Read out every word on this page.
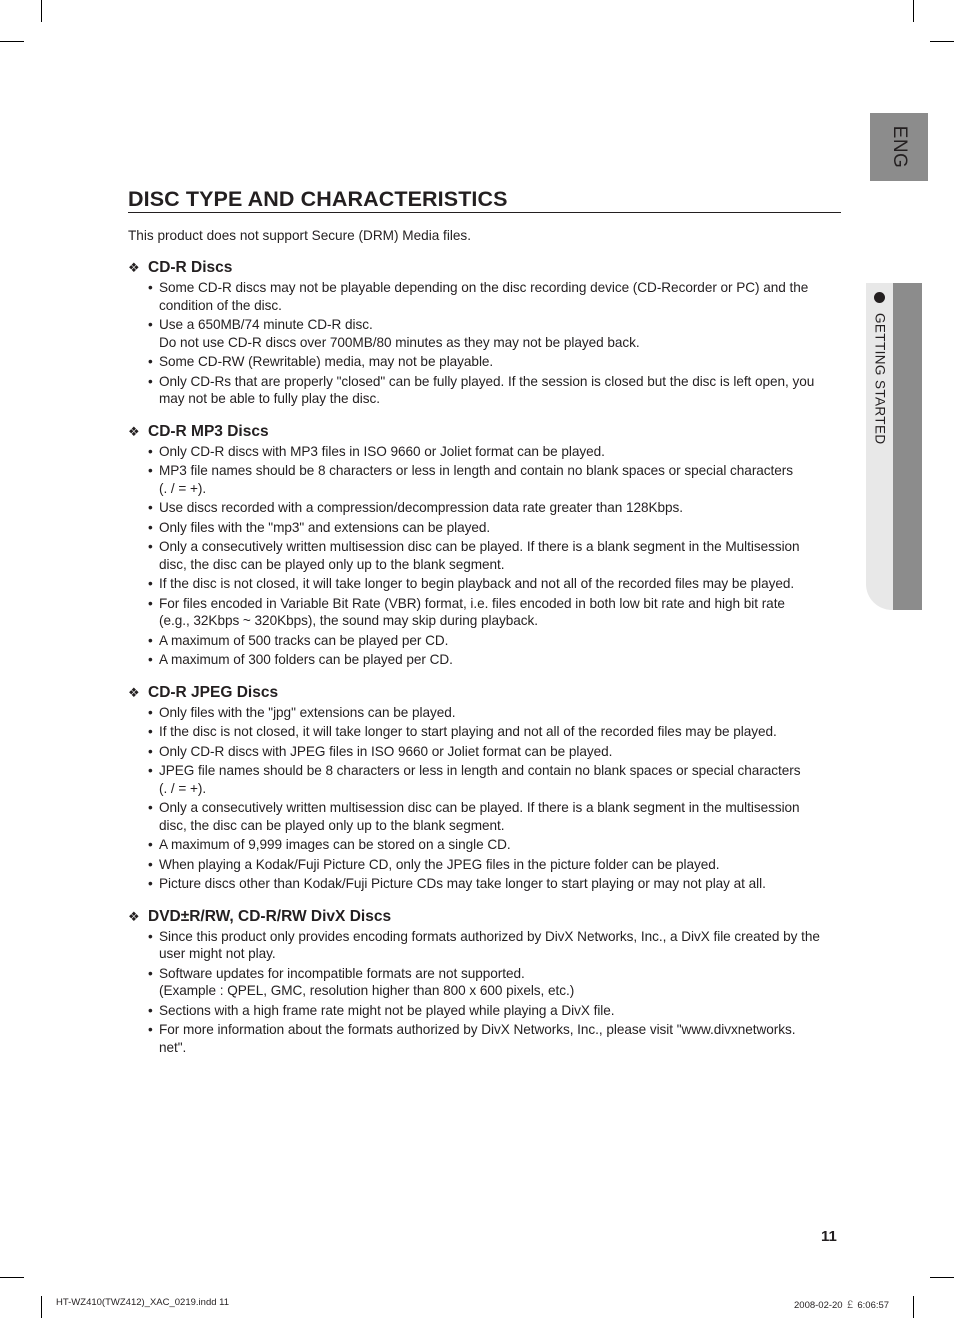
ENG
GETTING STARTED
DISC TYPE AND CHARACTERISTICS
This product does not support Secure (DRM) Media files.
❖ CD-R Discs
• Some CD-R discs may not be playable depending on the disc recording device (CD-Recorder or PC) and the
condition of the disc.
• Use a 650MB/74 minute CD-R disc.
Do not use CD-R discs over 700MB/80 minutes as they may not be played back.
• Some CD-RW (Rewritable) media, may not be playable.
• Only CD-Rs that are properly "closed" can be fully played. If the session is closed but the disc is left open, you
may not be able to fully play the disc.
❖ CD-R MP3 Discs
• Only CD-R discs with MP3 files in ISO 9660 or Joliet format can be played.
• MP3 file names should be 8 characters or less in length and contain no blank spaces or special characters
(. / = +).
• Use discs recorded with a compression/decompression data rate greater than 128Kbps.
• Only files with the "mp3" and extensions can be played.
• Only a consecutively written multisession disc can be played. If there is a blank segment in the Multisession
disc, the disc can be played only up to the blank segment.
• If the disc is not closed, it will take longer to begin playback and not all of the recorded files may be played.
• For files encoded in Variable Bit Rate (VBR) format, i.e. files encoded in both low bit rate and high bit rate
(e.g., 32Kbps ~ 320Kbps), the sound may skip during playback.
• A maximum of 500 tracks can be played per CD.
• A maximum of 300 folders can be played per CD.
❖ CD-R JPEG Discs
• Only files with the "jpg" extensions can be played.
• If the disc is not closed, it will take longer to start playing and not all of the recorded files may be played.
• Only CD-R discs with JPEG files in ISO 9660 or Joliet format can be played.
• JPEG file names should be 8 characters or less in length and contain no blank spaces or special characters
(. / = +).
• Only a consecutively written multisession disc can be played. If there is a blank segment in the multisession
disc, the disc can be played only up to the blank segment.
• A maximum of 9,999 images can be stored on a single CD.
• When playing a Kodak/Fuji Picture CD, only the JPEG files in the picture folder can be played.
• Picture discs other than Kodak/Fuji Picture CDs may take longer to start playing or may not play at all.
❖ DVD±R/RW, CD-R/RW DivX Discs
• Since this product only provides encoding formats authorized by DivX Networks, Inc., a DivX file created by the
user might not play.
• Software updates for incompatible formats are not supported.
(Example : QPEL, GMC, resolution higher than 800 x 600 pixels, etc.)
• Sections with a high frame rate might not be played while playing a DivX file.
• For more information about the formats authorized by DivX Networks, Inc., please visit "www.divxnetworks.
net".
11
HT-WZ410(TWZ412)_XAC_0219.indd 11	2008-02-20 ￡ 6:06:57
